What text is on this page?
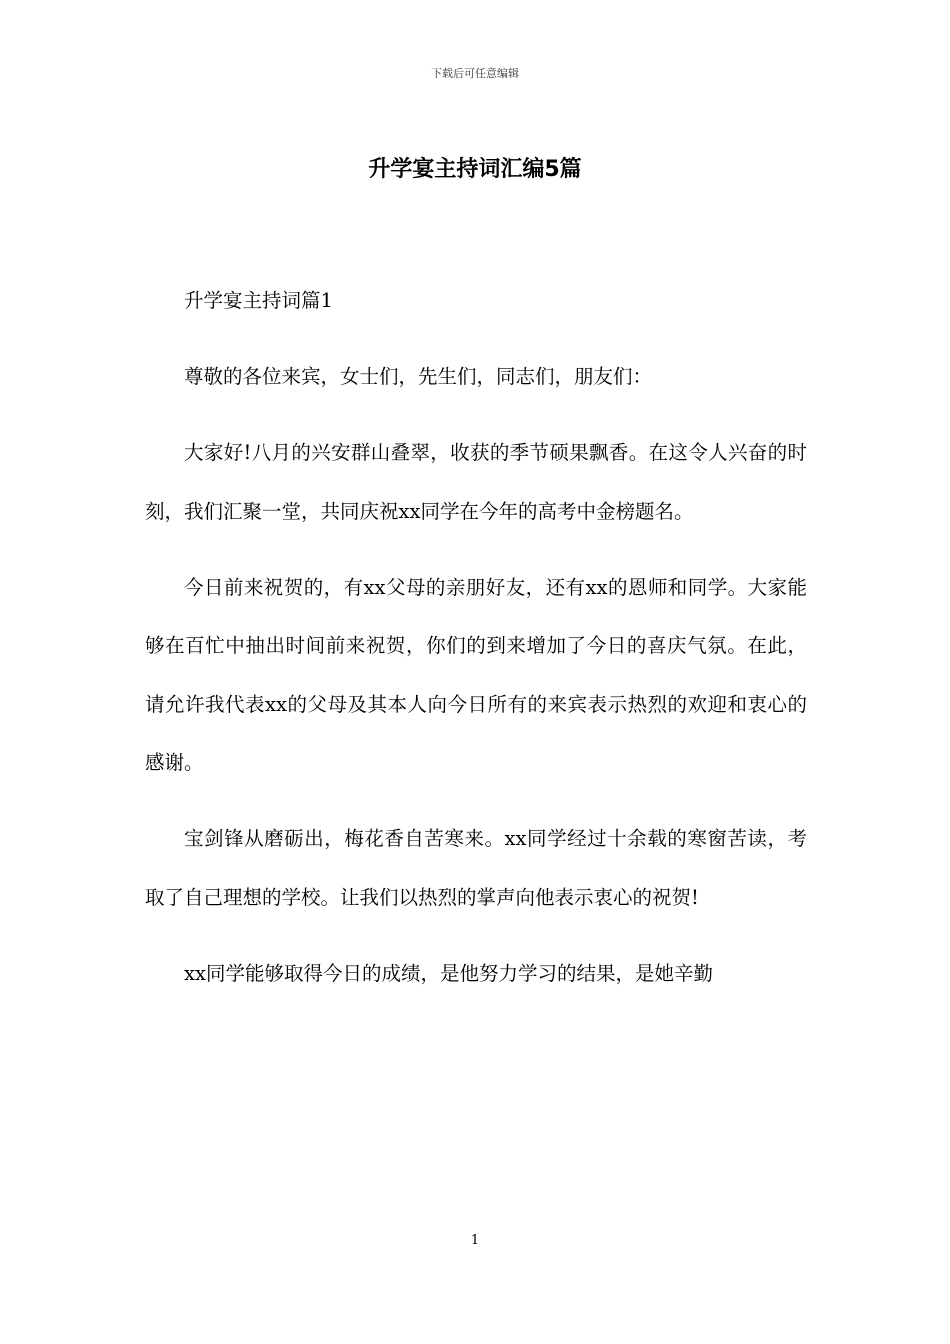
下载后可任意编辑
升学宴主持词汇编5篇

升学宴主持词篇1

尊敬的各位来宾，女士们，先生们，同志们，朋友们：

大家好!八月的兴安群山叠翠，收获的季节硕果飘香。在这令人兴奋的时刻，我们汇聚一堂，共同庆祝xx同学在今年的高考中金榜题名。

今日前来祝贺的，有xx父母的亲朋好友，还有xx的恩师和同学。大家能够在百忙中抽出时间前来祝贺，你们的到来增加了今日的喜庆气氛。在此，请允许我代表xx的父母及其本人向今日所有的来宾表示热烈的欢迎和衷心的感谢。

宝剑锋从磨砺出，梅花香自苦寒来。xx同学经过十余载的寒窗苦读，考取了自己理想的学校。让我们以热烈的掌声向他表示衷心的祝贺!

xx同学能够取得今日的成绩，是他努力学习的结果，是她辛勤

1
